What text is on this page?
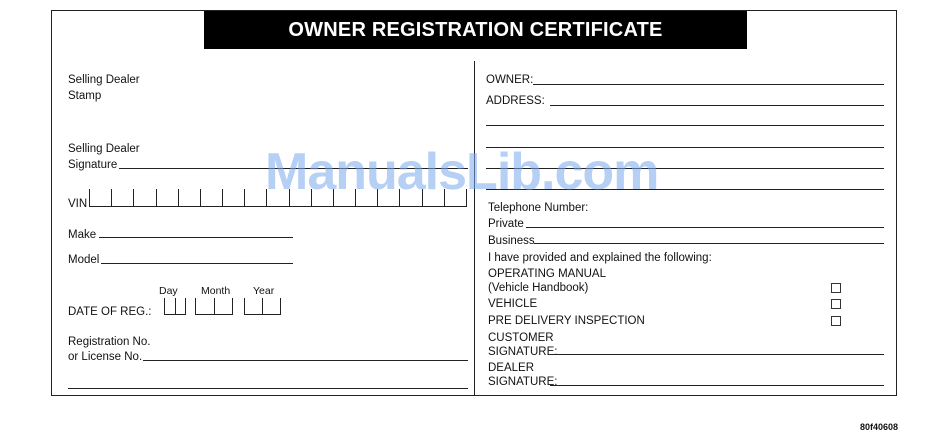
OWNER REGISTRATION CERTIFICATE
Selling Dealer
Stamp
Selling Dealer
Signature
VIN
Make
Model
Day Month Year
DATE OF REG.:
Registration No.
or License No.
OWNER:
ADDRESS:
Telephone Number:
Private
Business
I have provided and explained the following:
OPERATING MANUAL
(Vehicle Handbook)
VEHICLE
PRE DELIVERY INSPECTION
CUSTOMER
SIGNATURE:
DEALER
SIGNATURE:
ManualsLib.com
80f40608
